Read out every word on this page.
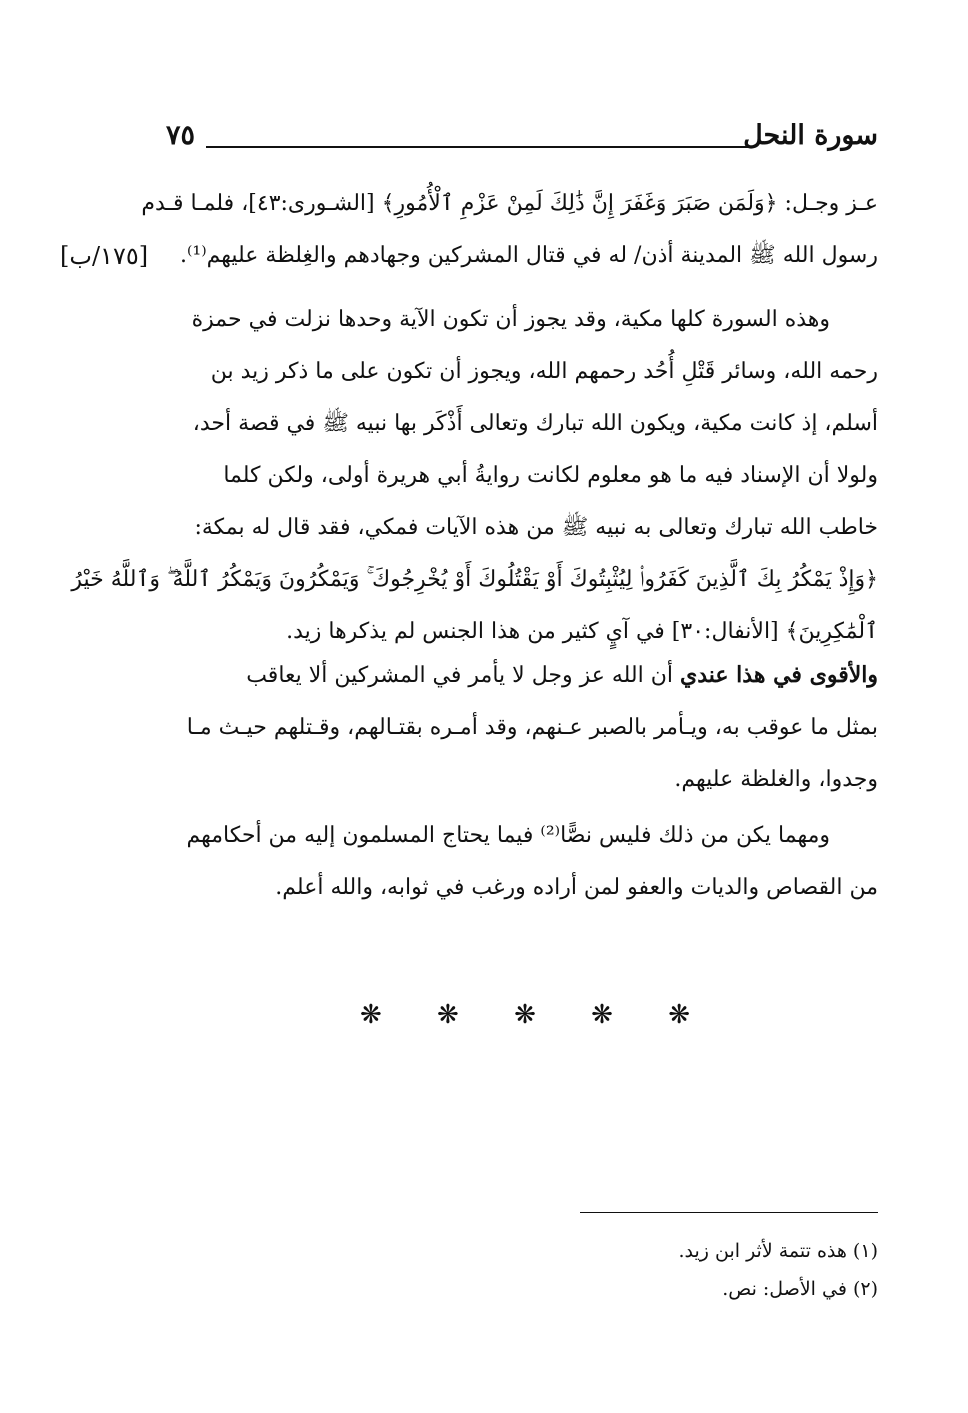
سورة النحل
٧٥
[١٧٥/ب]
عـز وجـل: ﴿وَلَمَن صَبَرَ وَغَفَرَ إِنَّ ذَٰلِكَ لَمِنْ عَزْمِ ٱلْأُمُورِ﴾ [الشـورى:٤٣]، فلمـا قـدم
رسول الله ﷺ المدينة أذن/ له في قتال المشركين وجهادهم والغِلظة عليهم⁽¹⁾.
وهذه السورة كلها مكية، وقد يجوز أن تكون الآية وحدها نزلت في حمزة
رحمه الله، وسائر قَتْلِ أُحُد رحمهم الله، ويجوز أن تكون على ما ذكر زيد بن
أسلم، إذ كانت مكية، ويكون الله تبارك وتعالى أَذْكَر بها نبيه ﷺ في قصة أحد،
ولولا أن الإسناد فيه ما هو معلوم لكانت روايةُ أبي هريرة أولى، ولكن كلما
خاطب الله تبارك وتعالى به نبيه ﷺ من هذه الآيات فمكي، فقد قال له بمكة:
﴿وَإِذْ يَمْكُرُ بِكَ ٱلَّذِينَ كَفَرُوا۟ لِيُثْبِتُوكَ أَوْ يَقْتُلُوكَ أَوْ يُخْرِجُوكَ ۚ وَيَمْكُرُونَ وَيَمْكُرُ ٱللَّهُ ۖ وَٱللَّهُ خَيْرُ
ٱلْمَٰكِرِينَ﴾ [الأنفال:٣٠] في آيٍ كثير من هذا الجنس لم يذكرها زيد.
والأقوى في هذا عندي أن الله عز وجل لا يأمر في المشركين ألا يعاقب
بمثل ما عوقب به، ويـأمر بالصبر عـنهم، وقد أمـره بقتـالهم، وقـتلهم حيـث مـا
وجدوا، والغلظة عليهم.
ومهما يكن من ذلك فليس نصًّا⁽²⁾ فيما يحتاج المسلمون إليه من أحكامهم
من القصاص والديات والعفو لمن أراده ورغب في ثوابه، والله أعلم.
❋ ❋ ❋ ❋ ❋
(١) هذه تتمة لأثر ابن زيد.
(٢) في الأصل: نص.
